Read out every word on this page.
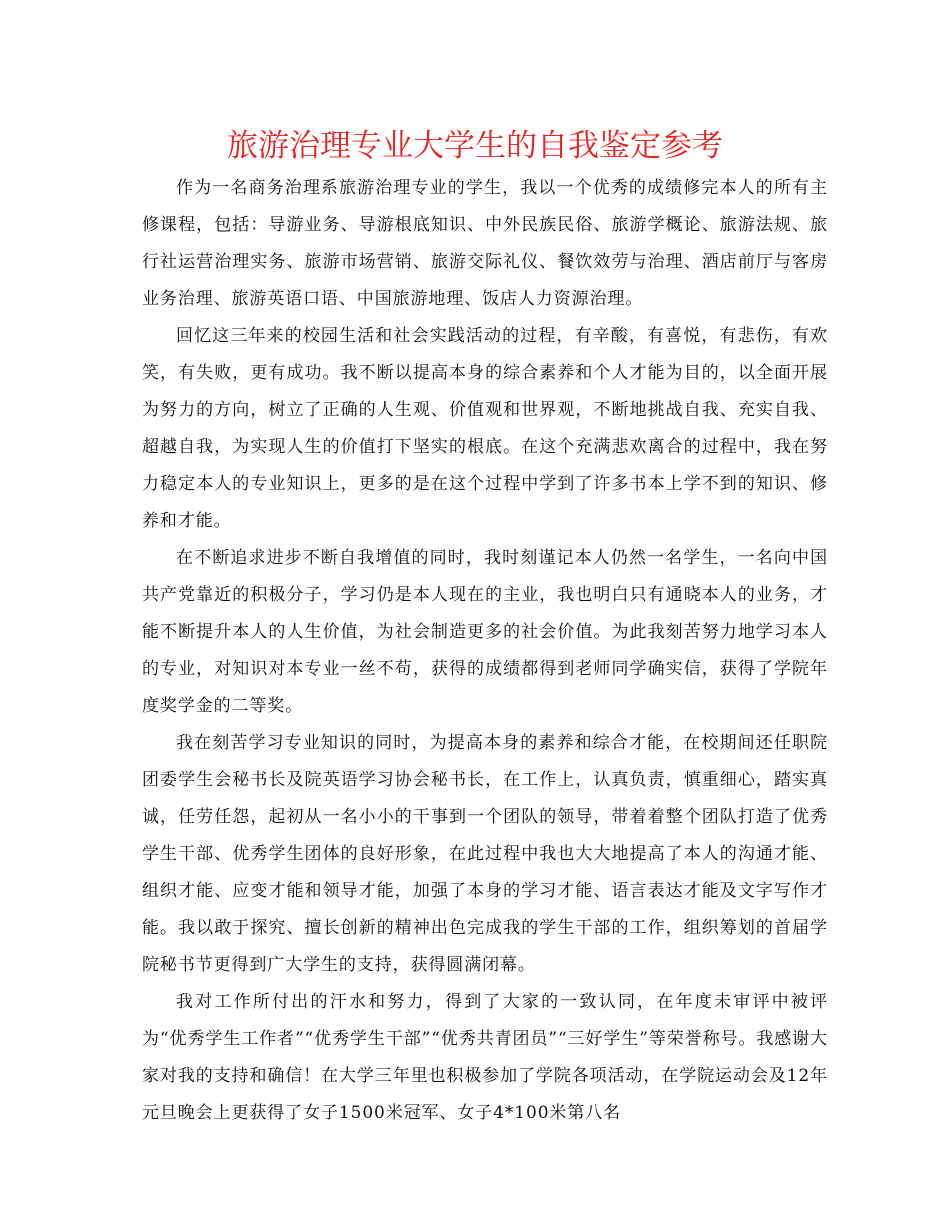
旅游治理专业大学生的自我鉴定参考

作为一名商务治理系旅游治理专业的学生，我以一个优秀的成绩修完本人的所有主修课程，包括：导游业务、导游根底知识、中外民族民俗、旅游学概论、旅游法规、旅行社运营治理实务、旅游市场营销、旅游交际礼仪、餐饮效劳与治理、酒店前厅与客房业务治理、旅游英语口语、中国旅游地理、饭店人力资源治理。

回忆这三年来的校园生活和社会实践活动的过程，有辛酸，有喜悦，有悲伤，有欢笑，有失败，更有成功。我不断以提高本身的综合素养和个人才能为目的，以全面开展为努力的方向，树立了正确的人生观、价值观和世界观，不断地挑战自我、充实自我、超越自我，为实现人生的价值打下坚实的根底。在这个充满悲欢离合的过程中，我在努力稳定本人的专业知识上，更多的是在这个过程中学到了许多书本上学不到的知识、修养和才能。

在不断追求进步不断自我增值的同时，我时刻谨记本人仍然一名学生，一名向中国共产党靠近的积极分子，学习仍是本人现在的主业，我也明白只有通晓本人的业务，才能不断提升本人的人生价值，为社会制造更多的社会价值。为此我刻苦努力地学习本人的专业，对知识对本专业一丝不苟，获得的成绩都得到老师同学确实信，获得了学院年度奖学金的二等奖。

我在刻苦学习专业知识的同时，为提高本身的素养和综合才能，在校期间还任职院团委学生会秘书长及院英语学习协会秘书长，在工作上，认真负责，慎重细心，踏实真诚，任劳任怨，起初从一名小小的干事到一个团队的领导，带着着整个团队打造了优秀学生干部、优秀学生团体的良好形象，在此过程中我也大大地提高了本人的沟通才能、组织才能、应变才能和领导才能，加强了本身的学习才能、语言表达才能及文字写作才能。我以敢于探究、擅长创新的精神出色完成我的学生干部的工作，组织筹划的首届学院秘书节更得到广大学生的支持，获得圆满闭幕。

我对工作所付出的汗水和努力，得到了大家的一致认同，在年度未审评中被评为“优秀学生工作者”“优秀学生干部”“优秀共青团员”“三好学生”等荣誉称号。我感谢大家对我的支持和确信！在大学三年里也积极参加了学院各项活动，在学院运动会及12年元旦晚会上更获得了女子1500米冠军、女子4*100米第八名
